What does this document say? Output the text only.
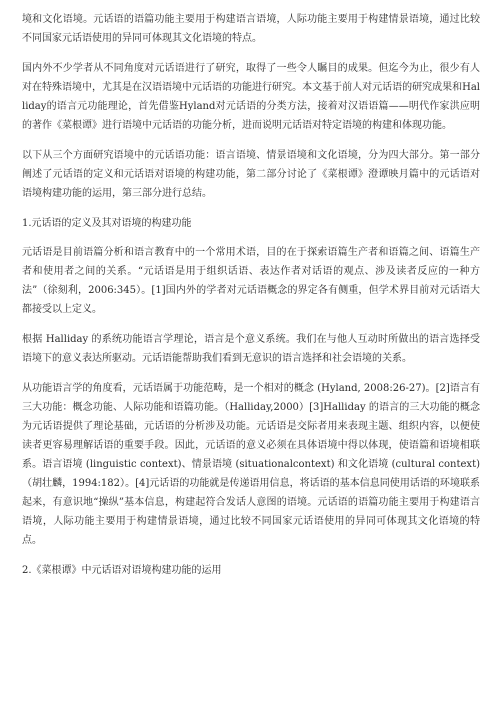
境和文化语境。元话语的语篇功能主要用于构建语言语境，人际功能主要用于构建情景语境，通过比较不同国家元话语使用的异同可体现其文化语境的特点。

国内外不少学者从不同角度对元话语进行了研究，取得了一些令人瞩目的成果。但迄今为止，很少有人对在特殊语境中，尤其是在汉语语境中元话语的功能进行研究。本文基于前人对元话语的研究成果和Halliday的语言元功能理论，首先借鉴Hyland对元话语的分类方法，接着对汉语语篇——明代作家洪应明的著作《菜根谭》进行语境中元话语的功能分析，进而说明元话语对特定语境的构建和体现功能。

以下从三个方面研究语境中的元话语功能：语言语境、情景语境和文化语境，分为四大部分。第一部分阐述了元话语的定义和元话语对语境的构建功能，第二部分讨论了《菜根谭》澄谭映月篇中的元话语对语境构建功能的运用，第三部分进行总结。

1.元话语的定义及其对语境的构建功能

元话语是目前语篇分析和语言教育中的一个常用术语，目的在于探索语篇生产者和语篇之间、语篇生产者和使用者之间的关系。“元话语是用于组织话语、表达作者对话语的观点、涉及读者反应的一种方法”（徐刻利，2006:345）。[1]国内外的学者对元话语概念的界定各有侧重，但学术界目前对元话语大都接受以上定义。

根据 Halliday 的系统功能语言学理论，语言是个意义系统。我们在与他人互动时所做出的语言选择受语境下的意义表达所驱动。元话语能帮助我们看到无意识的语言选择和社会语境的关系。

从功能语言学的角度看，元话语属于功能范畴，是一个相对的概念 (Hyland, 2008:26-27)。[2]语言有三大功能：概念功能、人际功能和语篇功能。（Halliday,2000）[3]Halliday 的语言的三大功能的概念为元话语提供了理论基础，元话语的分析涉及功能。元话语是交际者用来表现主题、组织内容，以便使读者更容易理解话语的重要手段。因此，元话语的意义必须在具体语境中得以体现，使语篇和语境相联系。语言语境 (linguistic context)、情景语境 (situationalcontext) 和文化语境 (cultural context)（胡壮麟，1994:182）。[4]元话语的功能就是传递语用信息，将话语的基本信息同使用话语的环境联系起来，有意识地“操纵”基本信息，构建起符合发话人意图的语境。元话语的语篇功能主要用于构建语言语境，人际功能主要用于构建情景语境，通过比较不同国家元话语使用的异同可体现其文化语境的特点。

2.《菜根谭》中元话语对语境构建功能的运用
